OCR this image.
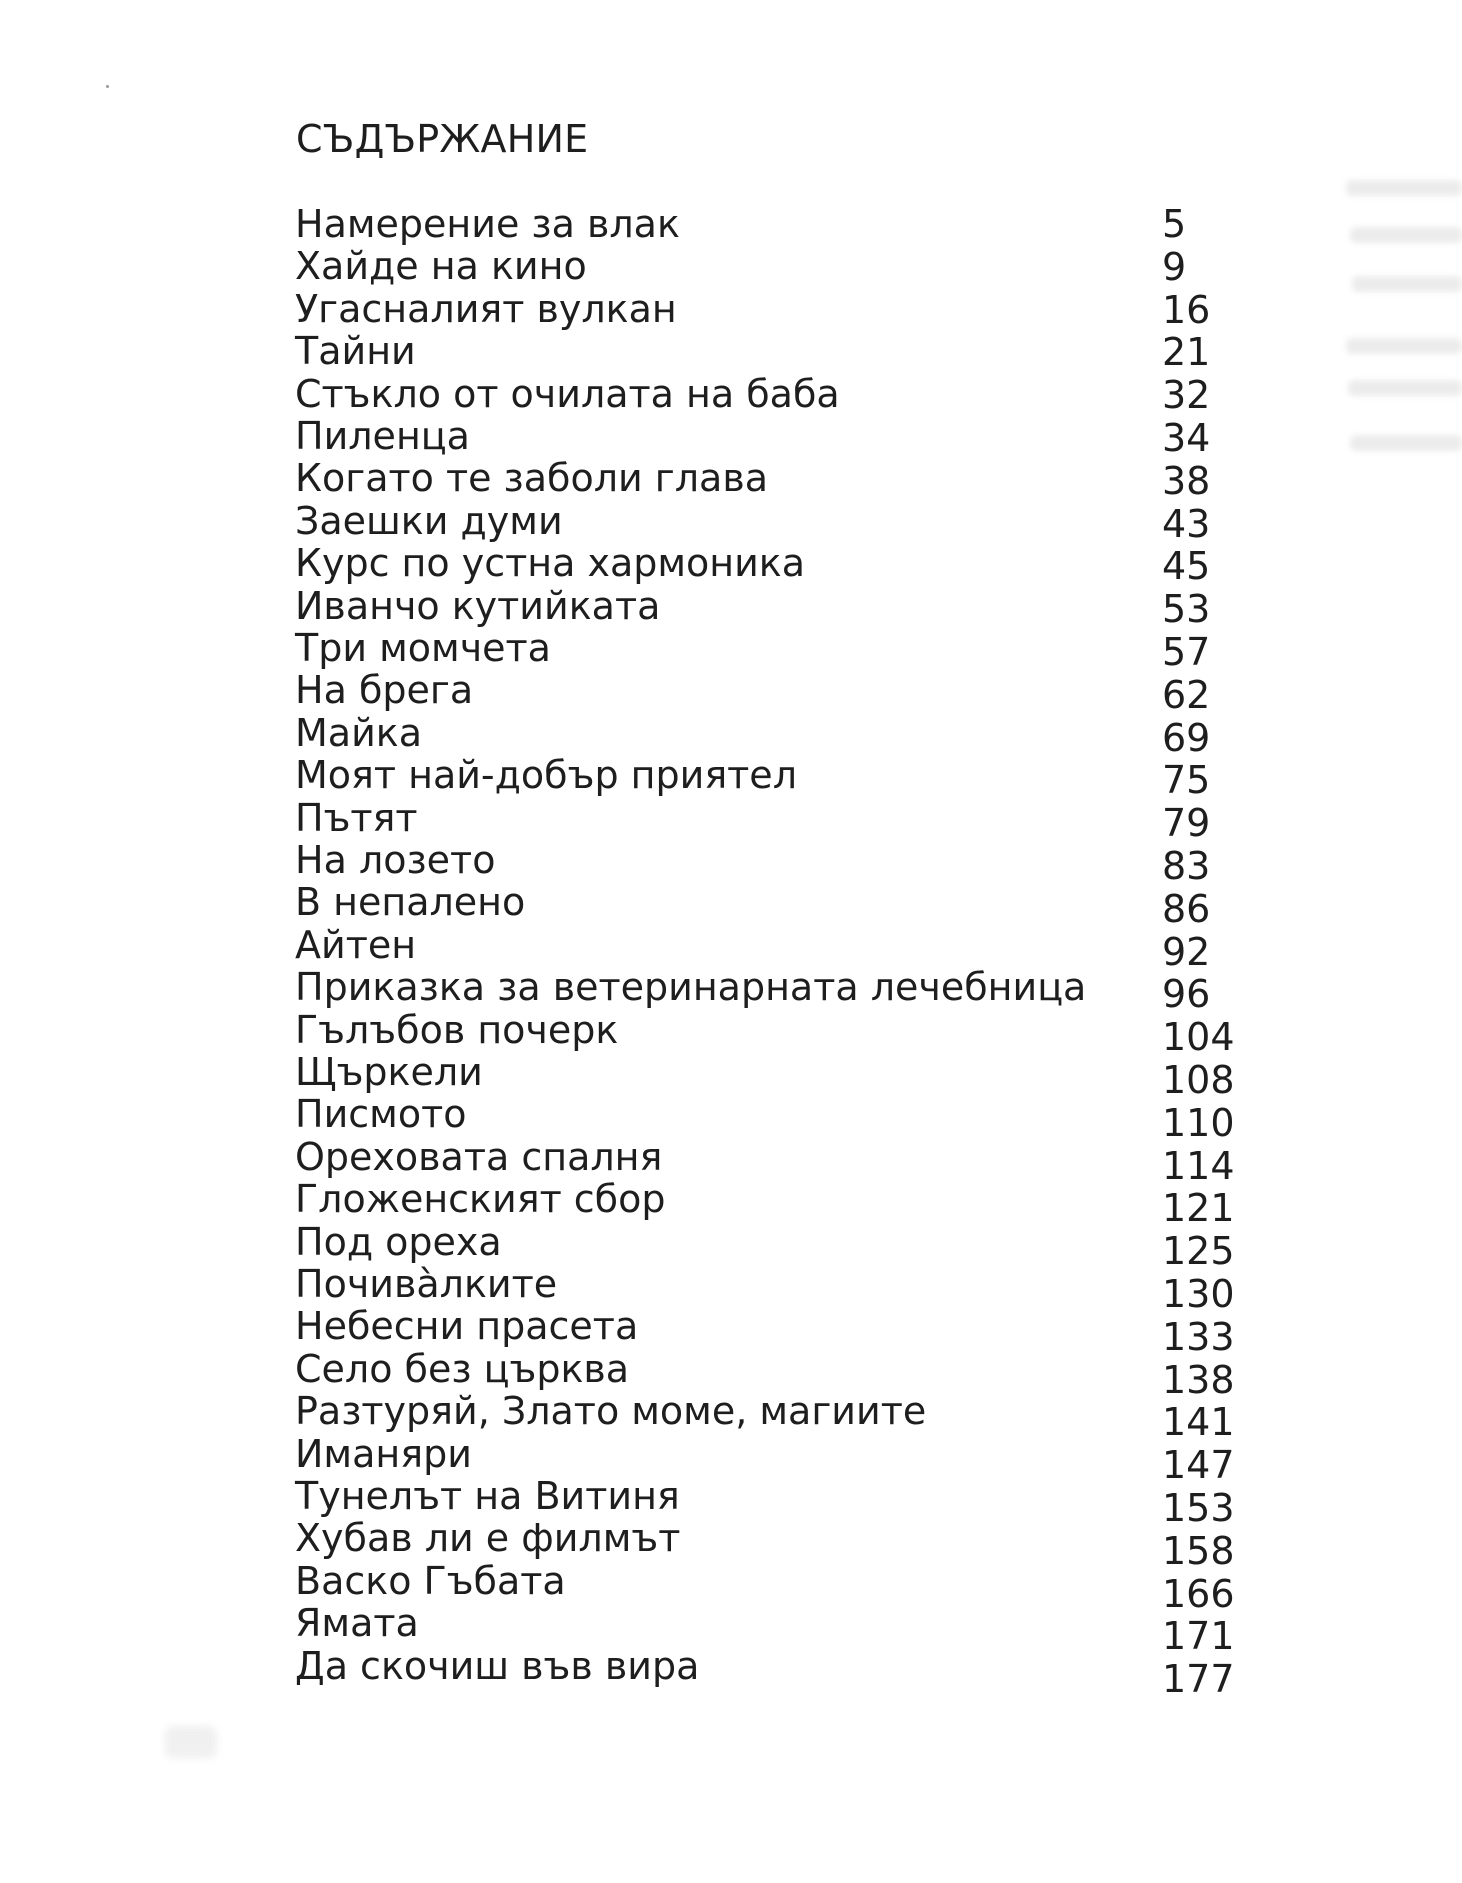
СЪДЪРЖАНИЕ
Намерение за влак	5
Хайде на кино	9
Угасналият вулкан	16
Тайни	21
Стъкло от очилата на баба	32
Пиленца	34
Когато те заболи глава	38
Заешки думи	43
Курс по устна хармоника	45
Иванчо кутийката	53
Три момчета	57
На брега	62
Майка	69
Моят най-добър приятел	75
Пътят	79
На лозето	83
В непалено	86
Айтен	92
Приказка за ветеринарната лечебница 96
Гълъбов почерк	104
Щъркели	108
Писмото	110
Ореховата спалня	114
Гложенският сбор	121
Под ореха	125
Почива̀лките	130
Небесни прасета	133
Село без църква	138
Разтуряй, Злато моме, магиите	141
Иманяри	147
Тунелът на Витиня	153
Хубав ли е филмът	158
Васко Гъбата	166
Ямата	171
Да скочиш във вира	177
